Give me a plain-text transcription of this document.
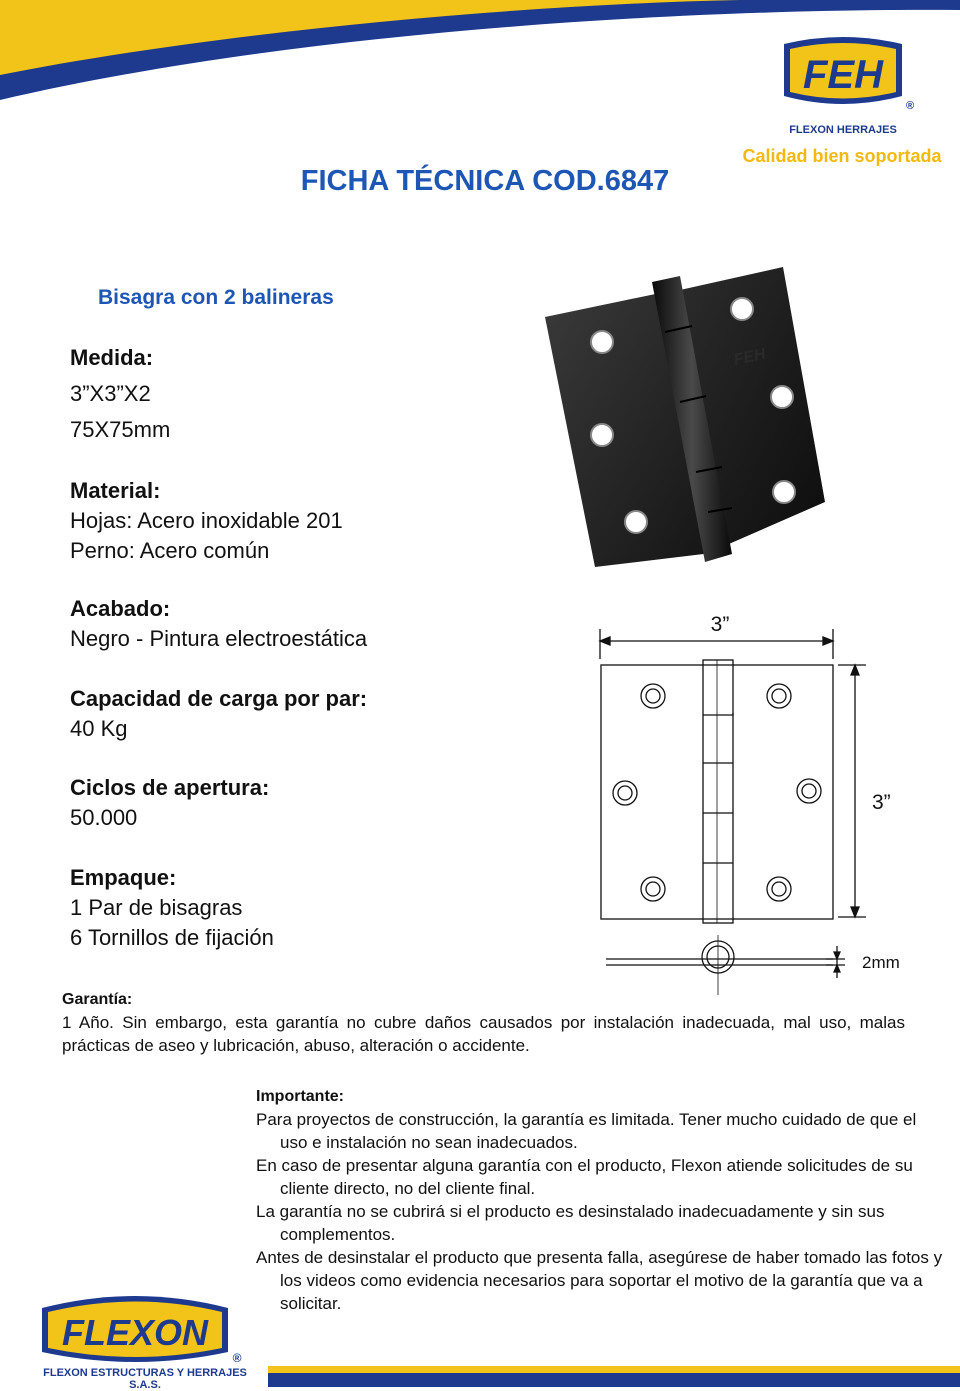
FEH
®
FLEXON HERRAJES
Calidad bien soportada
FICHA TÉCNICA COD.6847
Bisagra con 2 balineras
Medida:
3”X3”X2
75X75mm
Material:
Hojas: Acero inoxidable 201
Perno: Acero común
Acabado:
Negro - Pintura electroestática
Capacidad de carga por par:
40 Kg
Ciclos de apertura:
50.000
Empaque:
1 Par de bisagras
6 Tornillos de fijación
FEH
3”
3”
2mm
Garantía:
1 Año. Sin embargo, esta garantía no cubre daños causados por instalación inadecuada, mal uso, malas prácticas de aseo y lubricación, abuso, alteración o accidente.
Importante:
Para proyectos de construcción, la garantía es limitada. Tener mucho cuidado de que el uso e instalación no sean inadecuados.
En caso de presentar alguna garantía con el producto, Flexon atiende solicitudes de su cliente directo, no del cliente final.
La garantía no se cubrirá si el producto es desinstalado inadecuadamente y sin sus complementos.
Antes de desinstalar el producto que presenta falla, asegúrese de haber tomado las fotos y los videos como evidencia necesarios para soportar el motivo de la garantía que va a solicitar.
FLEXON
®
FLEXON ESTRUCTURAS Y HERRAJES S.A.S.
